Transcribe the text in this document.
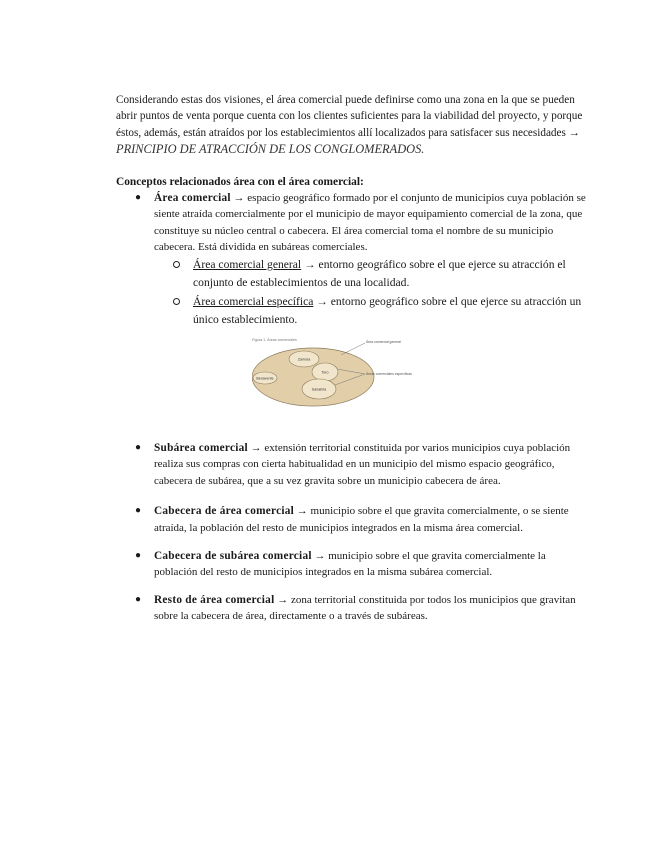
Considerando estas dos visiones, el área comercial puede definirse como una zona en la que se pueden abrir puntos de venta porque cuenta con los clientes suficientes para la viabilidad del proyecto, y porque éstos, además, están atraídos por los establecimientos allí localizados para satisfacer sus necesidades → PRINCIPIO DE ATRACCIÓN DE LOS CONGLOMERADOS.

Conceptos relacionados área con el área comercial:
● Área comercial → espacio geográfico formado por el conjunto de municipios cuya población se siente atraída comercialmente por el municipio de mayor equipamiento comercial de la zona, que constituye su núcleo central o cabecera. El área comercial toma el nombre de su municipio cabecera. Está dividida en subáreas comerciales.
Área comercial general → entorno geográfico sobre el que ejerce su atracción el conjunto de establecimientos de una localidad.
Área comercial específica → entorno geográfico sobre el que ejerce su atracción un único establecimiento.
Figura 1. Áreas comerciales
Zamora
Toro
Benavente
Sanabria
Área comercial general
Áreas comerciales específicas
● Subárea comercial → extensión territorial constituida por varios municipios cuya población realiza sus compras con cierta habitualidad en un municipio del mismo espacio geográfico, cabecera de subárea, que a su vez gravita sobre un municipio cabecera de área.
● Cabecera de área comercial → municipio sobre el que gravita comercialmente, o se siente atraída, la población del resto de municipios integrados en la misma área comercial.
● Cabecera de subárea comercial → municipio sobre el que gravita comercialmente la población del resto de municipios integrados en la misma subárea comercial.
● Resto de área comercial → zona territorial constituida por todos los municipios que gravitan sobre la cabecera de área, directamente o a través de subáreas.
